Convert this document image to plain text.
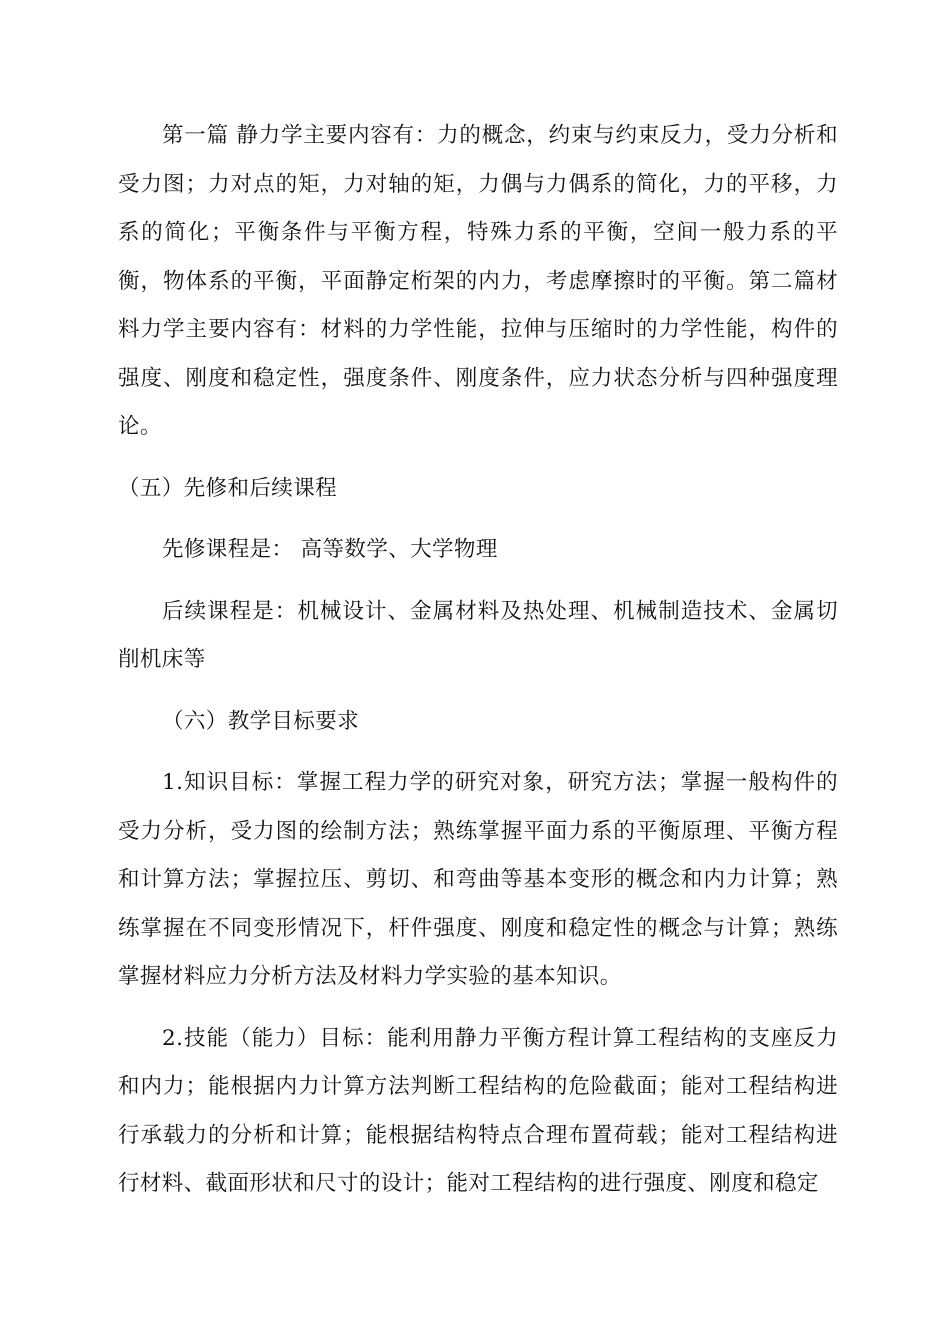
第一篇 静力学主要内容有：力的概念，约束与约束反力，受力分析和受力图；力对点的矩，力对轴的矩，力偶与力偶系的简化，力的平移，力系的简化；平衡条件与平衡方程，特殊力系的平衡，空间一般力系的平衡，物体系的平衡，平面静定桁架的内力，考虑摩擦时的平衡。第二篇材料力学主要内容有：材料的力学性能，拉伸与压缩时的力学性能，构件的强度、刚度和稳定性，强度条件、刚度条件，应力状态分析与四种强度理论。

（五）先修和后续课程

先修课程是： 高等数学、大学物理

后续课程是：机械设计、金属材料及热处理、机械制造技术、金属切削机床等

（六）教学目标要求

1.知识目标：掌握工程力学的研究对象，研究方法；掌握一般构件的受力分析，受力图的绘制方法；熟练掌握平面力系的平衡原理、平衡方程和计算方法；掌握拉压、剪切、和弯曲等基本变形的概念和内力计算；熟练掌握在不同变形情况下，杆件强度、刚度和稳定性的概念与计算；熟练掌握材料应力分析方法及材料力学实验的基本知识。

2.技能（能力）目标：能利用静力平衡方程计算工程结构的支座反力和内力；能根据内力计算方法判断工程结构的危险截面；能对工程结构进行承载力的分析和计算；能根据结构特点合理布置荷载；能对工程结构进行材料、截面形状和尺寸的设计；能对工程结构的进行强度、刚度和稳定
